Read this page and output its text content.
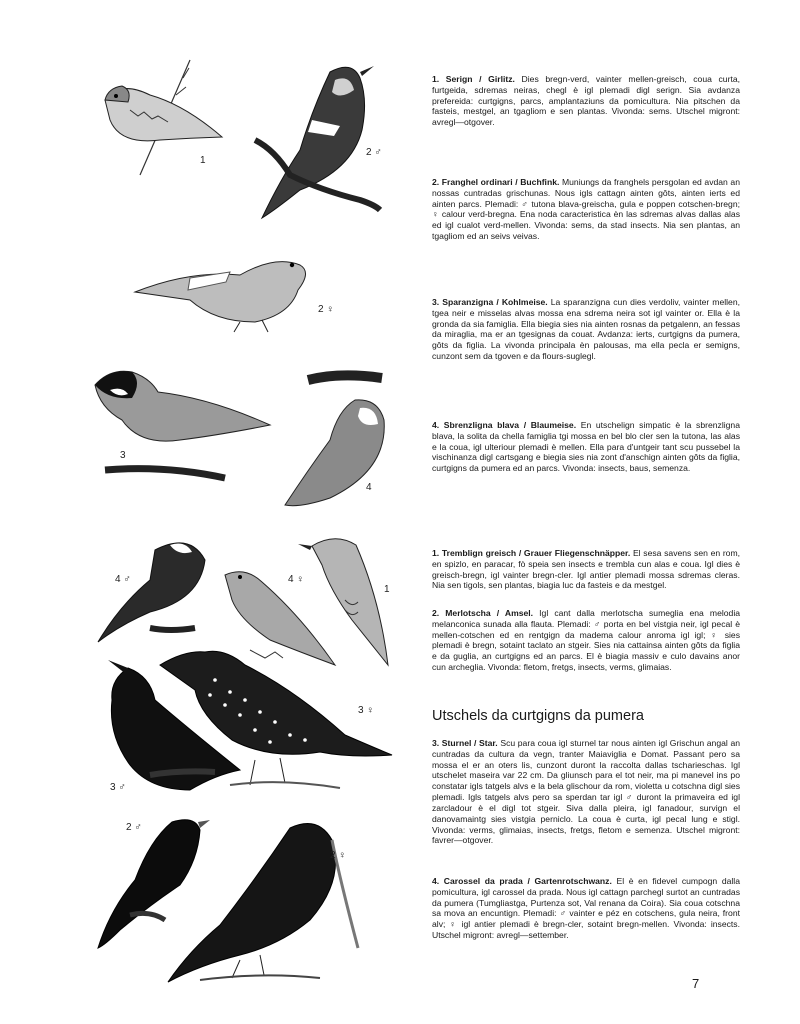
1
2 ♂
2 ♀
3
4
4 ♂	4 ♀
1
3 ♀
3 ♂
2 ♂
2 ♀
1. Serign / Girlitz. Dies bregn-verd, vainter mellen-greisch, coua curta, furtgeida, sdremas neiras, chegl è igl plemadi digl serign. Sia avdanza prefereida: curtgigns, parcs, amplantaziuns da pomicultura. Nia pitschen da fasteis, mestgel, an tgagliom e sen plantas. Vivonda: sems. Utschel migront: avregl—otgover.
2. Franghel ordinari / Buchfink. Muniungs da franghels persgolan ed avdan an nossas cuntradas grischunas. Nous igls cattagn ainten gôts, ainten ierts ed ainten parcs. Plemadi: ♂ tutona blava-greischa, gula e poppen cotschen-bregn; ♀ calour verd-bregna. Ena noda caracteristica èn las sdremas alvas dallas alas ed igl cualot verd-mellen. Vivonda: sems, da stad insects. Nia sen plantas, an tgagliom ed an seivs veivas.
3. Sparanzigna / Kohlmeise. La sparanzigna cun dies verdoliv, vainter mellen, tgea neir e misselas alvas mossa ena sdrema neira sot igl vainter or. Ella è la gronda da sia famiglia. Ella biegia sies nia ainten rosnas da petgalenn, an fessas da miraglia, ma er an tgesignas da couat. Avdanza: ierts, curtgigns da pumera, gôts da figlia. La vivonda principala èn palousas, ma ella pecla er semigns, cunzont sem da tgoven e da flours-suglegl.
4. Sbrenzligna blava / Blaumeise. En utschelign simpatic è la sbrenzligna blava, la solita da chella famiglia tgi mossa en bel blo cler sen la tutona, las alas e la coua, igl ulteriour plemadi è mellen. Ella para d'untgeir tant scu pussebel la vischinanza digl cartsgang e biegia sies nia zont d'anschign ainten gôts da figlia, curtgigns da pumera ed an parcs. Vivonda: insects, baus, semenza.
1. Tremblign greisch / Grauer Fliegenschnäpper. El sesa savens sen en rom, en spizlo, en paracar, fò speia sen insects e trembla cun alas e coua. Igl dies è greisch-bregn, igl vainter bregn-cler. Igl antier plemadi mossa sdremas cleras. Nia sen tigols, sen plantas, biagia luc da fasteis e da mestgel.
2. Merlotscha / Amsel. Igl cant dalla merlotscha sumeglia ena melodia melanconica sunada alla flauta. Plemadi: ♂ porta en bel vistgia neir, igl pecal è mellen-cotschen ed en rentgign da madema calour anroma igl igl; ♀ sies plemadi è bregn, sotaint taclato an stgeir. Sies nia cattainsa ainten gôts da figlia e da guglia, an curtgigns ed an parcs. El è biagia massiv e culo davains anor cun archeglia. Vivonda: fletom, fretgs, insects, verms, glimaias.
Utschels da curtgigns da pumera
3. Sturnel / Star. Scu para coua igl sturnel tar nous ainten igl Grischun angal an cuntradas da cultura da vegn, tranter Maiaviglia e Domat. Passant pero sa mossa el er an oters lis, cunzont duront la raccolta dallas tscharieschas. Igl utschelet maseira var 22 cm. Da gliunsch para el tot neir, ma pi manevel ins po constatar igls tatgels alvs e la bela glischour da rom, violetta u cotschna digl sies plemadi. Igls tatgels alvs pero sa sperdan tar igl ♂ duront la primaveira ed igl zarcladour è el digl tot stgeir. Siva dalla pleira, igl fanadour, survign el danovamaintg sies vistgia perniclo. La coua è curta, igl pecal lung e stigl. Vivonda: verms, glimaias, insects, fretgs, fletom e semenza. Utschel migront: favrer—otgover.
4. Carossel da prada / Gartenrotschwanz. El è en fidevel cumpogn dalla pomicultura, igl carossel da prada. Nous igl cattagn parchegl surtot an cuntradas da pumera (Tumgliastga, Purtenza sot, Val renana da Coira). Sia coua cotschna sa mova an encuntign. Plemadi: ♂ vainter e péz en cotschens, gula neira, front alv; ♀ igl antier plemadi è bregn-cler, sotaint bregn-mellen. Vivonda: insects. Utschel migront: avregl—settember.
7
